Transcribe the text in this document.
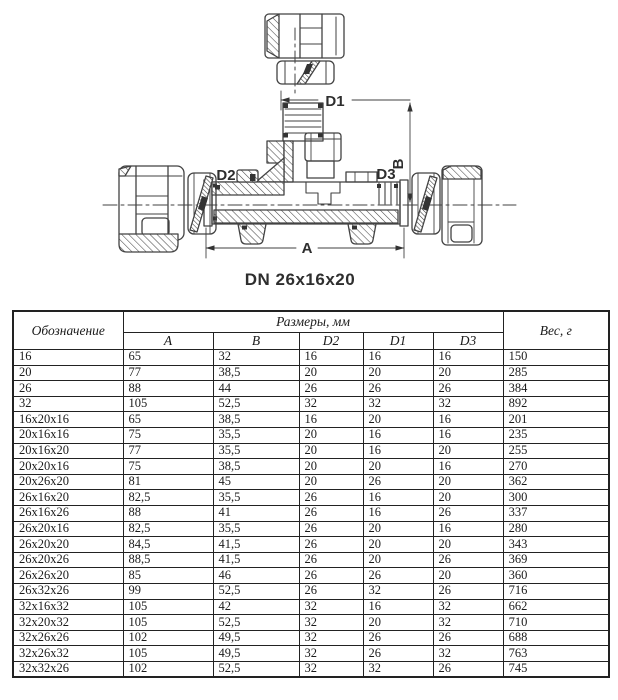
D1
B
D2	D3
A
DN 26x16x20
Обозначение	Размеры, мм					Вес, г
	A	B	D2	D1	D3	
16	65	32	16	16	16	150
20	77	38,5	20	20	20	285
26	88	44	26	26	26	384
32	105	52,5	32	32	32	892
16x20x16	65	38,5	16	20	16	201
20x16x16	75	35,5	20	16	16	235
20x16x20	77	35,5	20	16	20	255
20x20x16	75	38,5	20	20	16	270
20x26x20	81	45	20	26	20	362
26x16x20	82,5	35,5	26	16	20	300
26x16x26	88	41	26	16	26	337
26x20x16	82,5	35,5	26	20	16	280
26x20x20	84,5	41,5	26	20	20	343
26x20x26	88,5	41,5	26	20	26	369
26x26x20	85	46	26	26	20	360
26x32x26	99	52,5	26	32	26	716
32x16x32	105	42	32	16	32	662
32x20x32	105	52,5	32	20	32	710
32x26x26	102	49,5	32	26	26	688
32x26x32	105	49,5	32	26	32	763
32x32x26	102	52,5	32	32	26	745
